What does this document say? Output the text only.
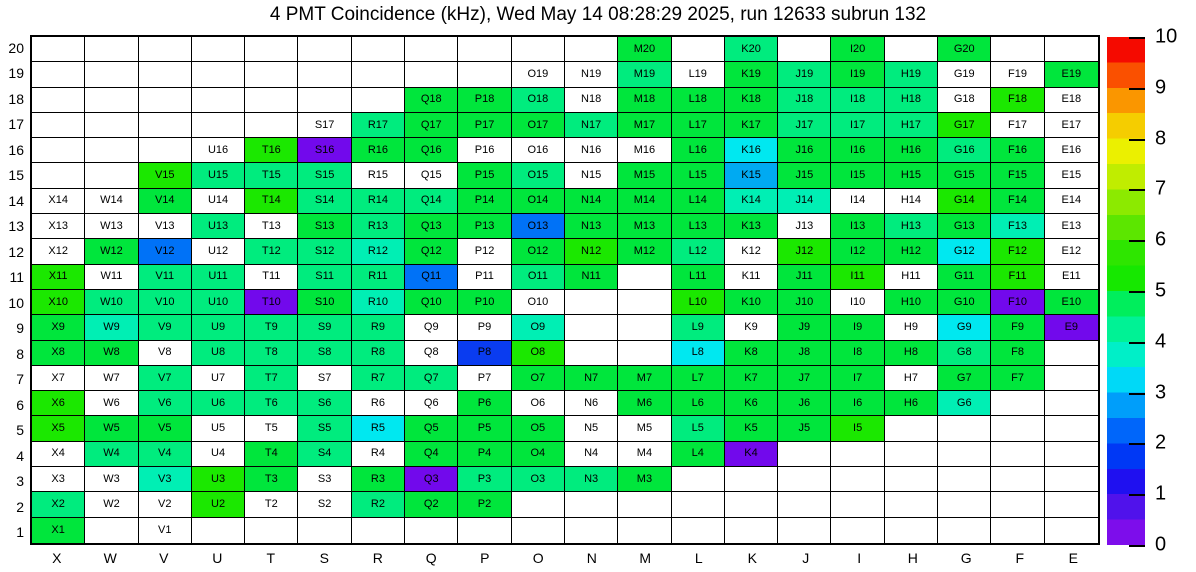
4 PMT Coincidence (kHz), Wed May 14 08:28:29 2025, run 12633 subrun 132
20
19
18
17
16
15
14
13
12
11
10
9
8
7
6
5
4
3
2
1
M20	K20	I20	G20
O19	N19	M19	L19	K19	J19	I19	H19	G19	F19	E19
Q18	P18	O18	N18	M18	L18	K18	J18	I18	H18	G18	F18	E18
S17	R17	Q17	P17	O17	N17	M17	L17	K17	J17	I17	H17	G17	F17	E17
U16	T16	S16	R16	Q16	P16	O16	N16	M16	L16	K16	J16	I16	H16	G16	F16	E16
V15	U15	T15	S15	R15	Q15	P15	O15	N15	M15	L15	K15	J15	I15	H15	G15	F15	E15
X14	W14	V14	U14	T14	S14	R14	Q14	P14	O14	N14	M14	L14	K14	J14	I14	H14	G14	F14	E14
X13	W13	V13	U13	T13	S13	R13	Q13	P13	O13	N13	M13	L13	K13	J13	I13	H13	G13	F13	E13
X12	W12	V12	U12	T12	S12	R12	Q12	P12	O12	N12	M12	L12	K12	J12	I12	H12	G12	F12	E12
X11	W11	V11	U11	T11	S11	R11	Q11	P11	O11	N11	L11	K11	J11	I11	H11	G11	F11	E11
X10	W10	V10	U10	T10	S10	R10	Q10	P10	O10	L10	K10	J10	I10	H10	G10	F10	E10
X9	W9	V9	U9	T9	S9	R9	Q9	P9	O9	L9	K9	J9	I9	H9	G9	F9	E9
X8	W8	V8	U8	T8	S8	R8	Q8	P8	O8	L8	K8	J8	I8	H8	G8	F8
X7	W7	V7	U7	T7	S7	R7	Q7	P7	O7	N7	M7	L7	K7	J7	I7	H7	G7	F7
X6	W6	V6	U6	T6	S6	R6	Q6	P6	O6	N6	M6	L6	K6	J6	I6	H6	G6
X5	W5	V5	U5	T5	S5	R5	Q5	P5	O5	N5	M5	L5	K5	J5	I5
X4	W4	V4	U4	T4	S4	R4	Q4	P4	O4	N4	M4	L4	K4
X3	W3	V3	U3	T3	S3	R3	Q3	P3	O3	N3	M3
X2	W2	V2	U2	T2	S2	R2	Q2	P2
X1	V1
X	W	V	U	T	S	R	Q	P	O	N	M	L	K	J	I	H	G	F	E
0
1
2
3
4
5
6
7
8
9
10
